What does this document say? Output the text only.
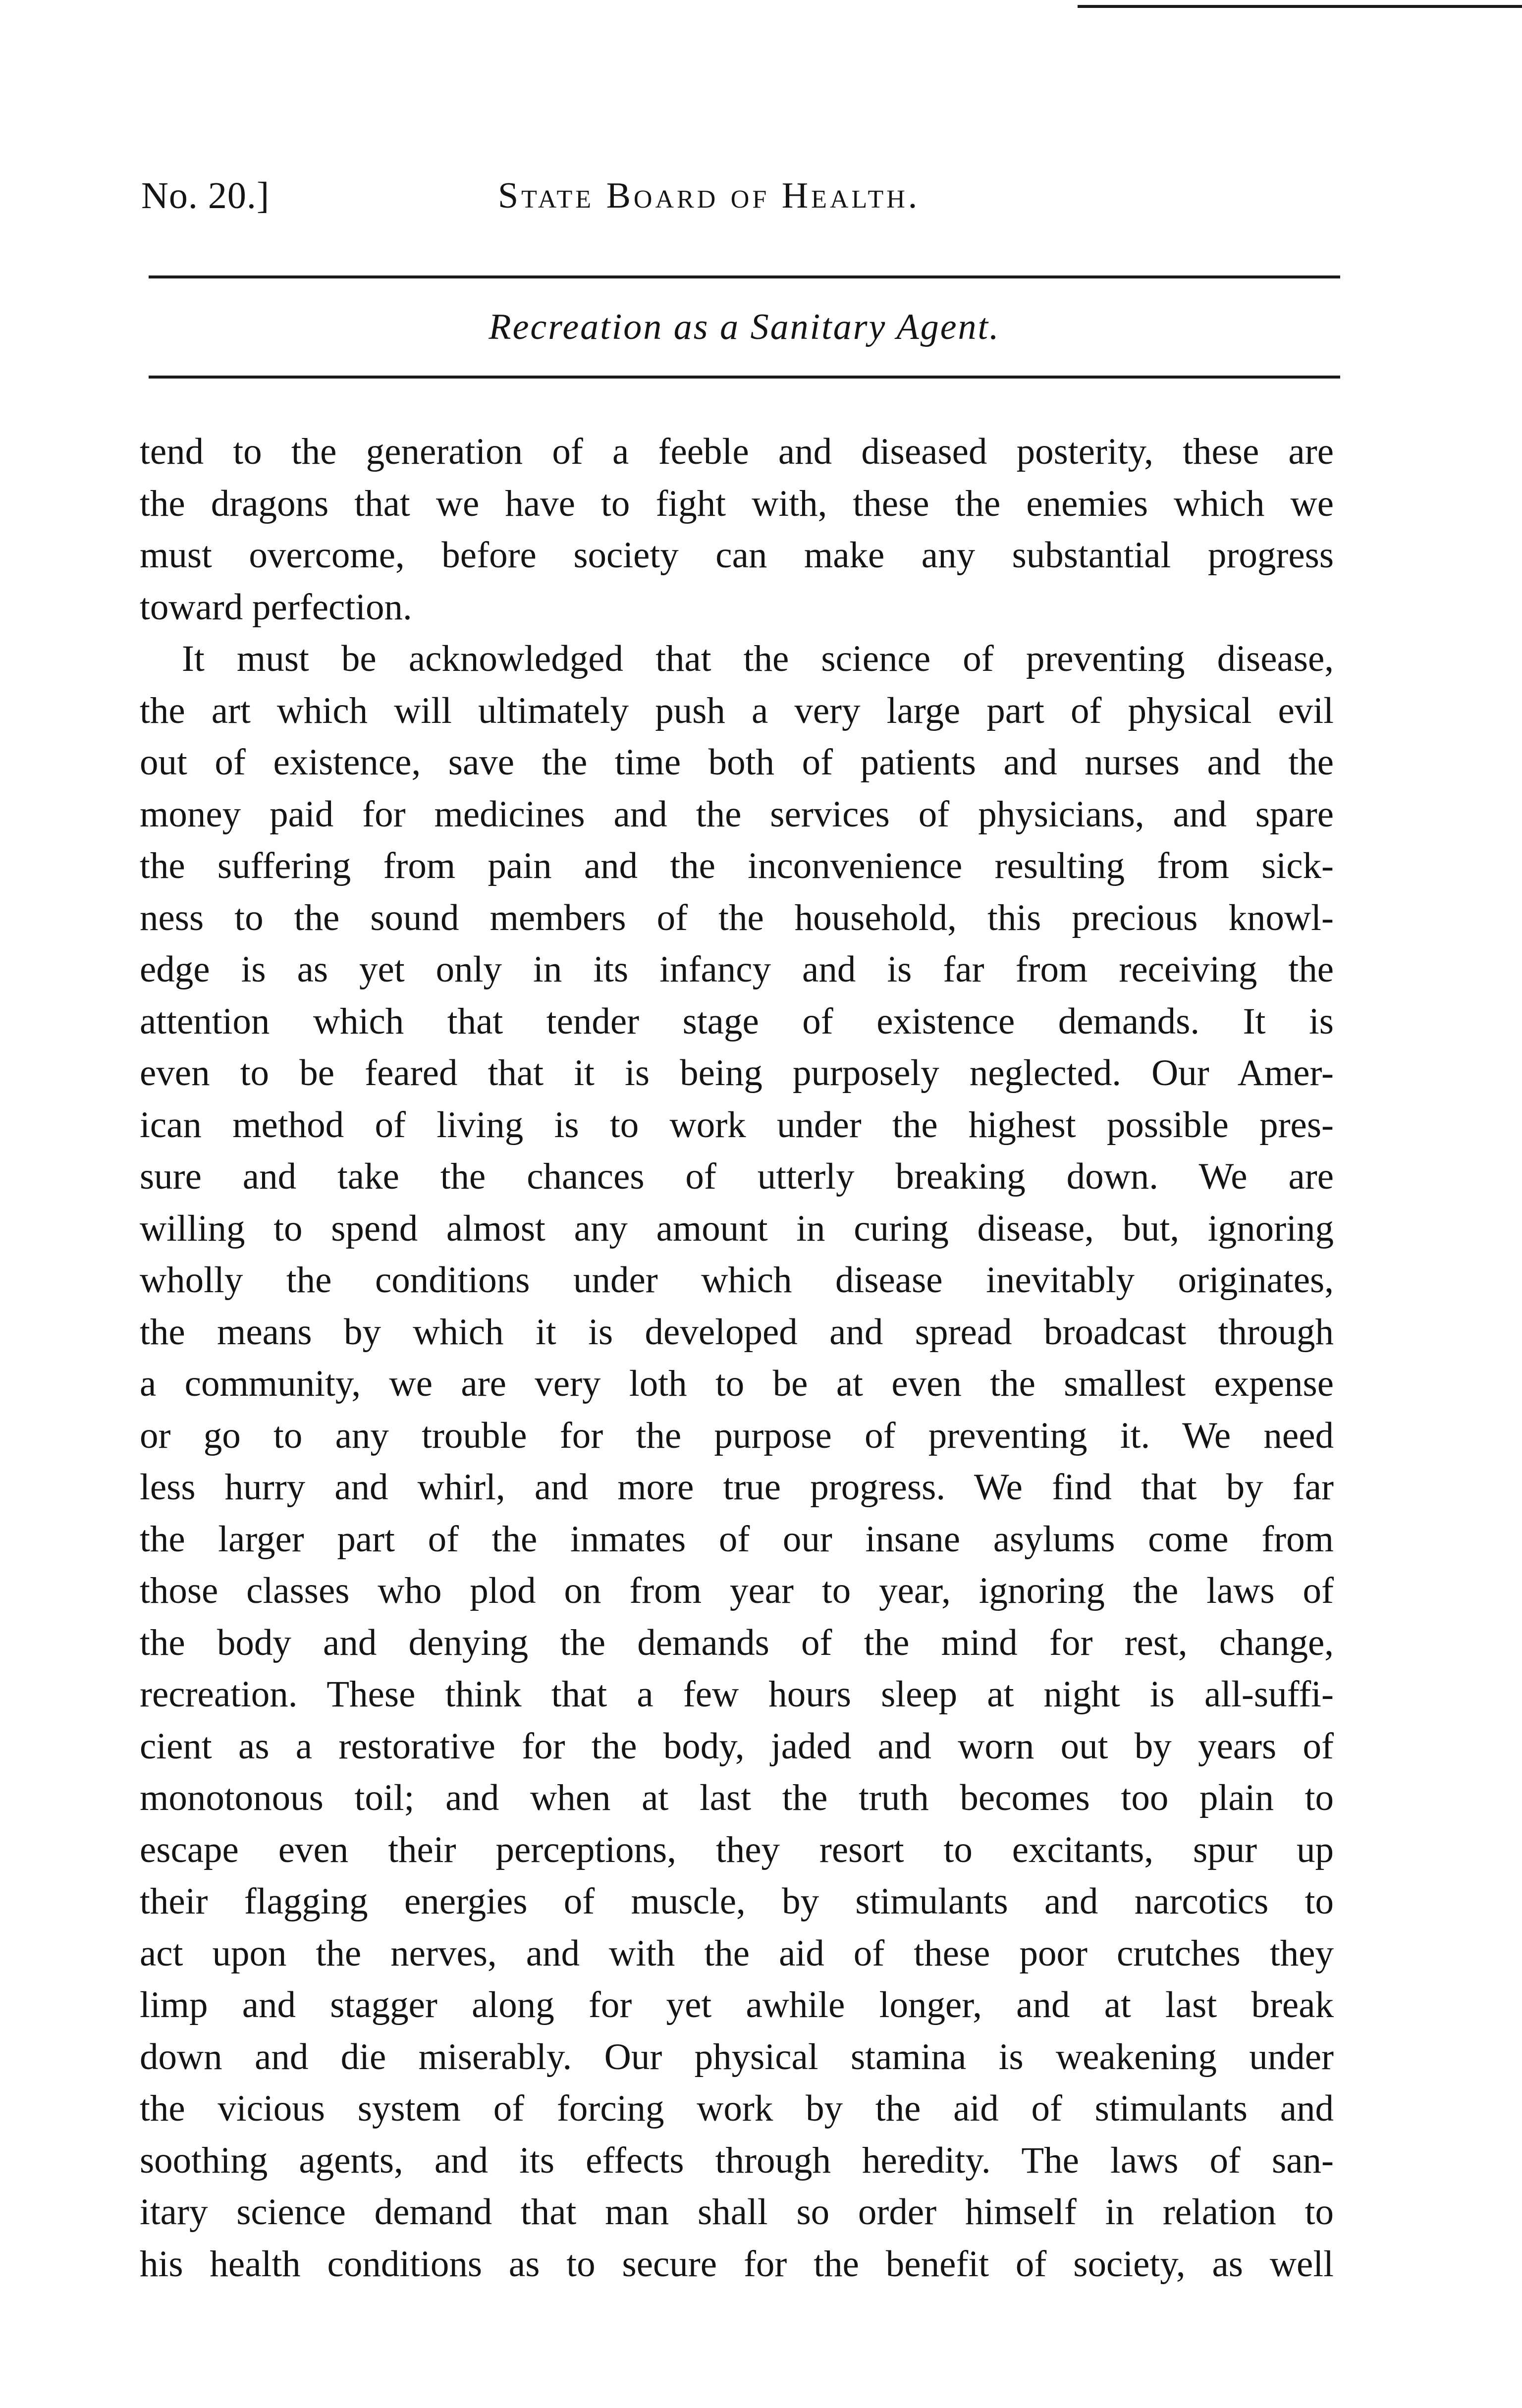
No. 20.]	State Board of Health.
Recreation as a Sanitary Agent.
tend to the generation of a feeble and diseased posterity, these are
the dragons that we have to fight with, these the enemies which we
must overcome, before society can make any substantial progress
toward perfection.
It must be acknowledged that the science of preventing disease,
the art which will ultimately push a very large part of physical evil
out of existence, save the time both of patients and nurses and the
money paid for medicines and the services of physicians, and spare
the suffering from pain and the inconvenience resulting from sick-
ness to the sound members of the household, this precious knowl-
edge is as yet only in its infancy and is far from receiving the
attention which that tender stage of existence demands. It is
even to be feared that it is being purposely neglected. Our Amer-
ican method of living is to work under the highest possible pres-
sure and take the chances of utterly breaking down. We are
willing to spend almost any amount in curing disease, but, ignoring
wholly the conditions under which disease inevitably originates,
the means by which it is developed and spread broadcast through
a community, we are very loth to be at even the smallest expense
or go to any trouble for the purpose of preventing it. We need
less hurry and whirl, and more true progress. We find that by far
the larger part of the inmates of our insane asylums come from
those classes who plod on from year to year, ignoring the laws of
the body and denying the demands of the mind for rest, change,
recreation. These think that a few hours sleep at night is all-suffi-
cient as a restorative for the body, jaded and worn out by years of
monotonous toil; and when at last the truth becomes too plain to
escape even their perceptions, they resort to excitants, spur up
their flagging energies of muscle, by stimulants and narcotics to
act upon the nerves, and with the aid of these poor crutches they
limp and stagger along for yet awhile longer, and at last break
down and die miserably. Our physical stamina is weakening under
the vicious system of forcing work by the aid of stimulants and
soothing agents, and its effects through heredity. The laws of san-
itary science demand that man shall so order himself in relation to
his health conditions as to secure for the benefit of society, as well
